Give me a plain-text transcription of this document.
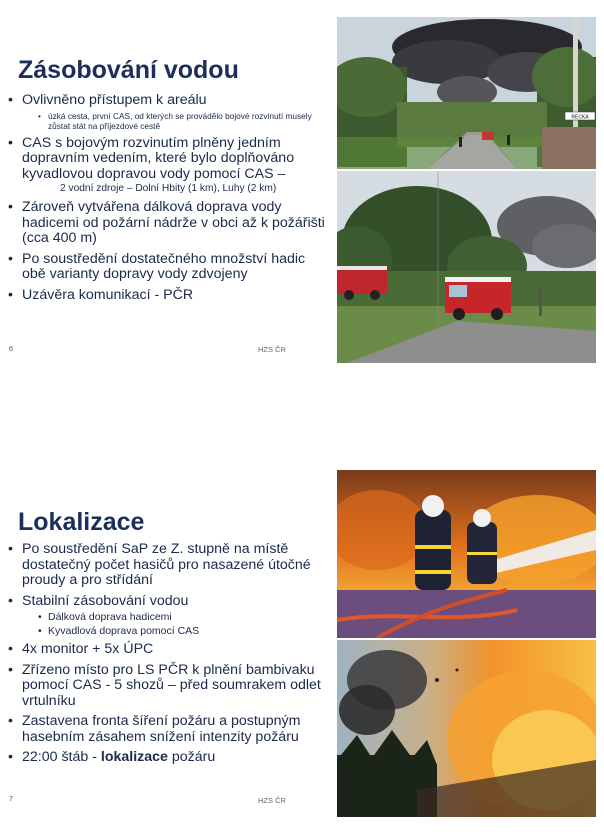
Zásobování vodou
• Ovlivněno přístupem k areálu
• úzká cesta, první CAS, od kterých se provádělo bojové rozvinutí musely zůstat stát na příjezdové cestě
• CAS s bojovým rozvinutím plněny jedním dopravním vedením, které bylo doplňováno kyvadlovou dopravou vody pomocí CAS –
2 vodní zdroje – Dolní Hbity (1 km), Luhy (2 km)
• Zároveň vytvářena dálková doprava vody hadicemi od požární nádrže v obci až k požářišti (cca 400 m)
• Po soustředění dostatečného množství hadic obě varianty dopravy vody zdvojeny
• Uzávěra komunikací - PČR
6	HZS ČR
RECKA
Lokalizace
• Po soustředění SaP ze Z. stupně na místě dostatečný počet hasičů pro nasazené útočné proudy a pro střídání
• Stabilní zásobování vodou
• Dálková doprava hadicemi
• Kyvadlová doprava pomocí CAS
• 4x monitor + 5x ÚPC
• Zřízeno místo pro LS PČR k plnění bambivaku pomocí CAS - 5 shozů – před soumrakem odlet vrtulníku
• Zastavena fronta šíření požáru a postupným hasebním zásahem snížení intenzity požáru
• 22:00 štáb - lokalizace požáru
7	HZS ČR
